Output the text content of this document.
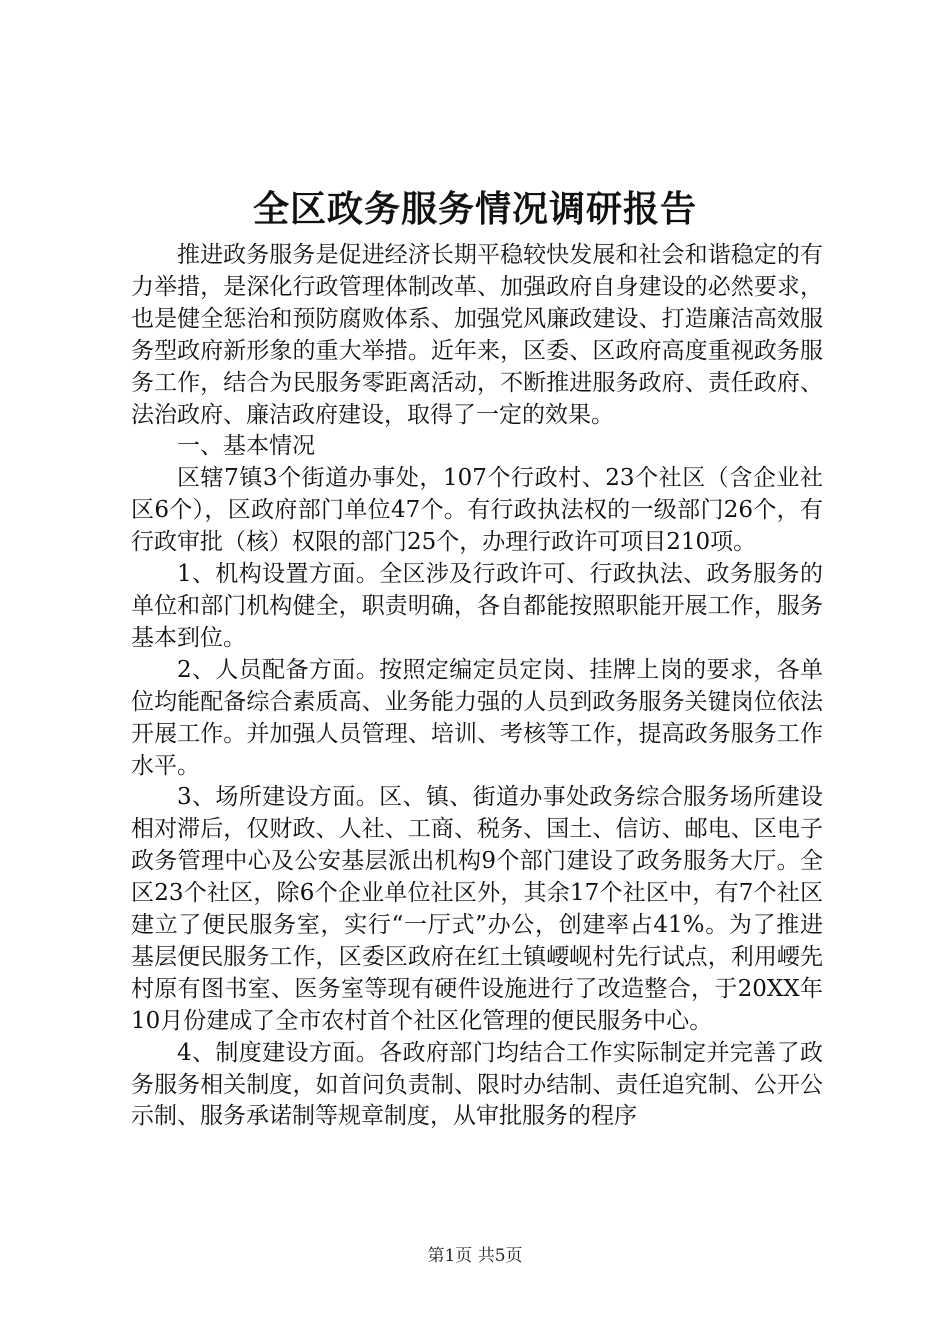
全区政务服务情况调研报告

推进政务服务是促进经济长期平稳较快发展和社会和谐稳定的有力举措，是深化行政管理体制改革、加强政府自身建设的必然要求，也是健全惩治和预防腐败体系、加强党风廉政建设、打造廉洁高效服务型政府新形象的重大举措。近年来，区委、区政府高度重视政务服务工作，结合为民服务零距离活动，不断推进服务政府、责任政府、法治政府、廉洁政府建设，取得了一定的效果。

一、基本情况

区辖7镇3个街道办事处，107个行政村、23个社区（含企业社区6个），区政府部门单位47个。有行政执法权的一级部门26个，有行政审批（核）权限的部门25个，办理行政许可项目210项。

1、机构设置方面。全区涉及行政许可、行政执法、政务服务的单位和部门机构健全，职责明确，各自都能按照职能开展工作，服务基本到位。

2、人员配备方面。按照定编定员定岗、挂牌上岗的要求，各单位均能配备综合素质高、业务能力强的人员到政务服务关键岗位依法开展工作。并加强人员管理、培训、考核等工作，提高政务服务工作水平。

3、场所建设方面。区、镇、街道办事处政务综合服务场所建设相对滞后，仅财政、人社、工商、税务、国土、信访、邮电、区电子政务管理中心及公安基层派出机构9个部门建设了政务服务大厅。全区23个社区，除6个企业单位社区外，其余17个社区中，有7个社区建立了便民服务室，实行“一厅式”办公，创建率占41%。为了推进基层便民服务工作，区委区政府在红土镇崾岘村先行试点，利用崾先村原有图书室、医务室等现有硬件设施进行了改造整合，于20XX年10月份建成了全市农村首个社区化管理的便民服务中心。

4、制度建设方面。各政府部门均结合工作实际制定并完善了政务服务相关制度，如首问负责制、限时办结制、责任追究制、公开公示制、服务承诺制等规章制度，从审批服务的程序

第1页 共5页
